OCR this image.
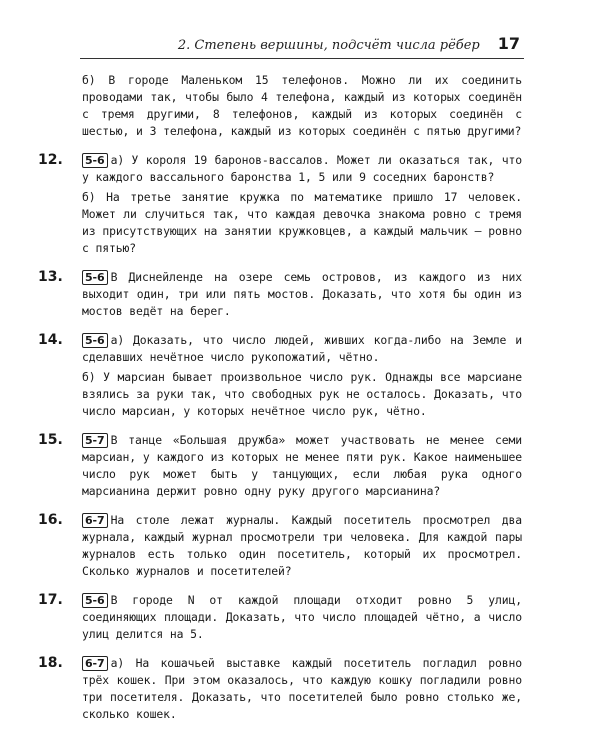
2. Степень вершины, подсчёт числа рёбер 17

б) В городе Маленьком 15 телефонов. Можно ли их соединить проводами так, чтобы было 4 телефона, каждый из которых соединён с тремя другими, 8 телефонов, каждый из которых соединён с шестью, и 3 телефона, каждый из которых соединён с пятью другими?

12. 5-6 а) У короля 19 баронов-вассалов. Может ли оказаться так, что у каждого вассального баронства 1, 5 или 9 соседних баронств?

б) На третье занятие кружка по математике пришло 17 человек. Может ли случиться так, что каждая девочка знакома ровно с тремя из присутствующих на занятии кружковцев, а каждый мальчик — ровно с пятью?

13. 5-6 В Диснейленде на озере семь островов, из каждого из них выходит один, три или пять мостов. Доказать, что хотя бы один из мостов ведёт на берег.

14. 5-6 а) Доказать, что число людей, живших когда-либо на Земле и сделавших нечётное число рукопожатий, чётно.

б) У марсиан бывает произвольное число рук. Однажды все марсиане взялись за руки так, что свободных рук не осталось. Доказать, что число марсиан, у которых нечётное число рук, чётно.

15. 5-7 В танце «Большая дружба» может участвовать не менее семи марсиан, у каждого из которых не менее пяти рук. Какое наименьшее число рук может быть у танцующих, если любая рука одного марсианина держит ровно одну руку другого марсианина?

16. 6-7 На столе лежат журналы. Каждый посетитель просмотрел два журнала, каждый журнал просмотрели три человека. Для каждой пары журналов есть только один посетитель, который их просмотрел. Сколько журналов и посетителей?

17. 5-6 В городе N от каждой площади отходит ровно 5 улиц, соединяющих площади. Доказать, что число площадей чётно, а число улиц делится на 5.

18. 6-7 а) На кошачьей выставке каждый посетитель погладил ровно трёх кошек. При этом оказалось, что каждую кошку погладили ровно три посетителя. Доказать, что посетителей было ровно столько же, сколько кошек.
